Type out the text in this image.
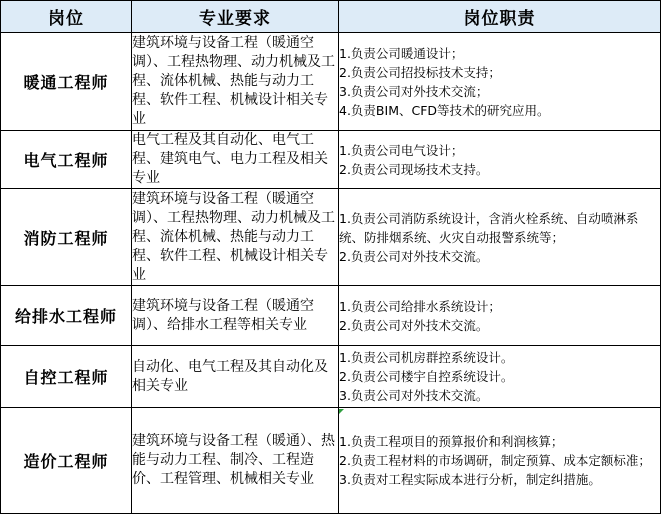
岗位	专业要求	岗位职责
暖通工程师	建筑环境与设备工程（暖通空调）、工程热物理、动力机械及工程、流体机械、热能与动力工程、软件工程、机械设计相关专业	1.负责公司暖通设计；
2.负责公司招投标技术支持；
3.负责公司对外技术交流；
4.负责BIM、CFD等技术的研究应用。

电气工程师	电气工程及其自动化、电气工程、建筑电气、电力工程及相关专业	1.负责公司电气设计；
2.负责公司现场技术支持。

消防工程师	建筑环境与设备工程（暖通空调）、工程热物理、动力机械及工程、流体机械、热能与动力工程、软件工程、机械设计相关专业	1.负责公司消防系统设计，含消火栓系统、自动喷淋系统、防排烟系统、火灾自动报警系统等；
2.负责公司对外技术交流。

给排水工程师	建筑环境与设备工程（暖通空调）、给排水工程等相关专业	1.负责公司给排水系统设计；
2.负责公司对外技术交流。

自控工程师	自动化、电气工程及其自动化及相关专业	1.负责公司机房群控系统设计。
2.负责公司楼宇自控系统设计。
3.负责公司对外技术交流。

造价工程师	建筑环境与设备工程（暖通）、热能与动力工程、制冷、工程造价、工程管理、机械相关专业	1.负责工程项目的预算报价和利润核算；
2.负责工程材料的市场调研，制定预算、成本定额标准；
3.负责对工程实际成本进行分析，制定纠措施。
